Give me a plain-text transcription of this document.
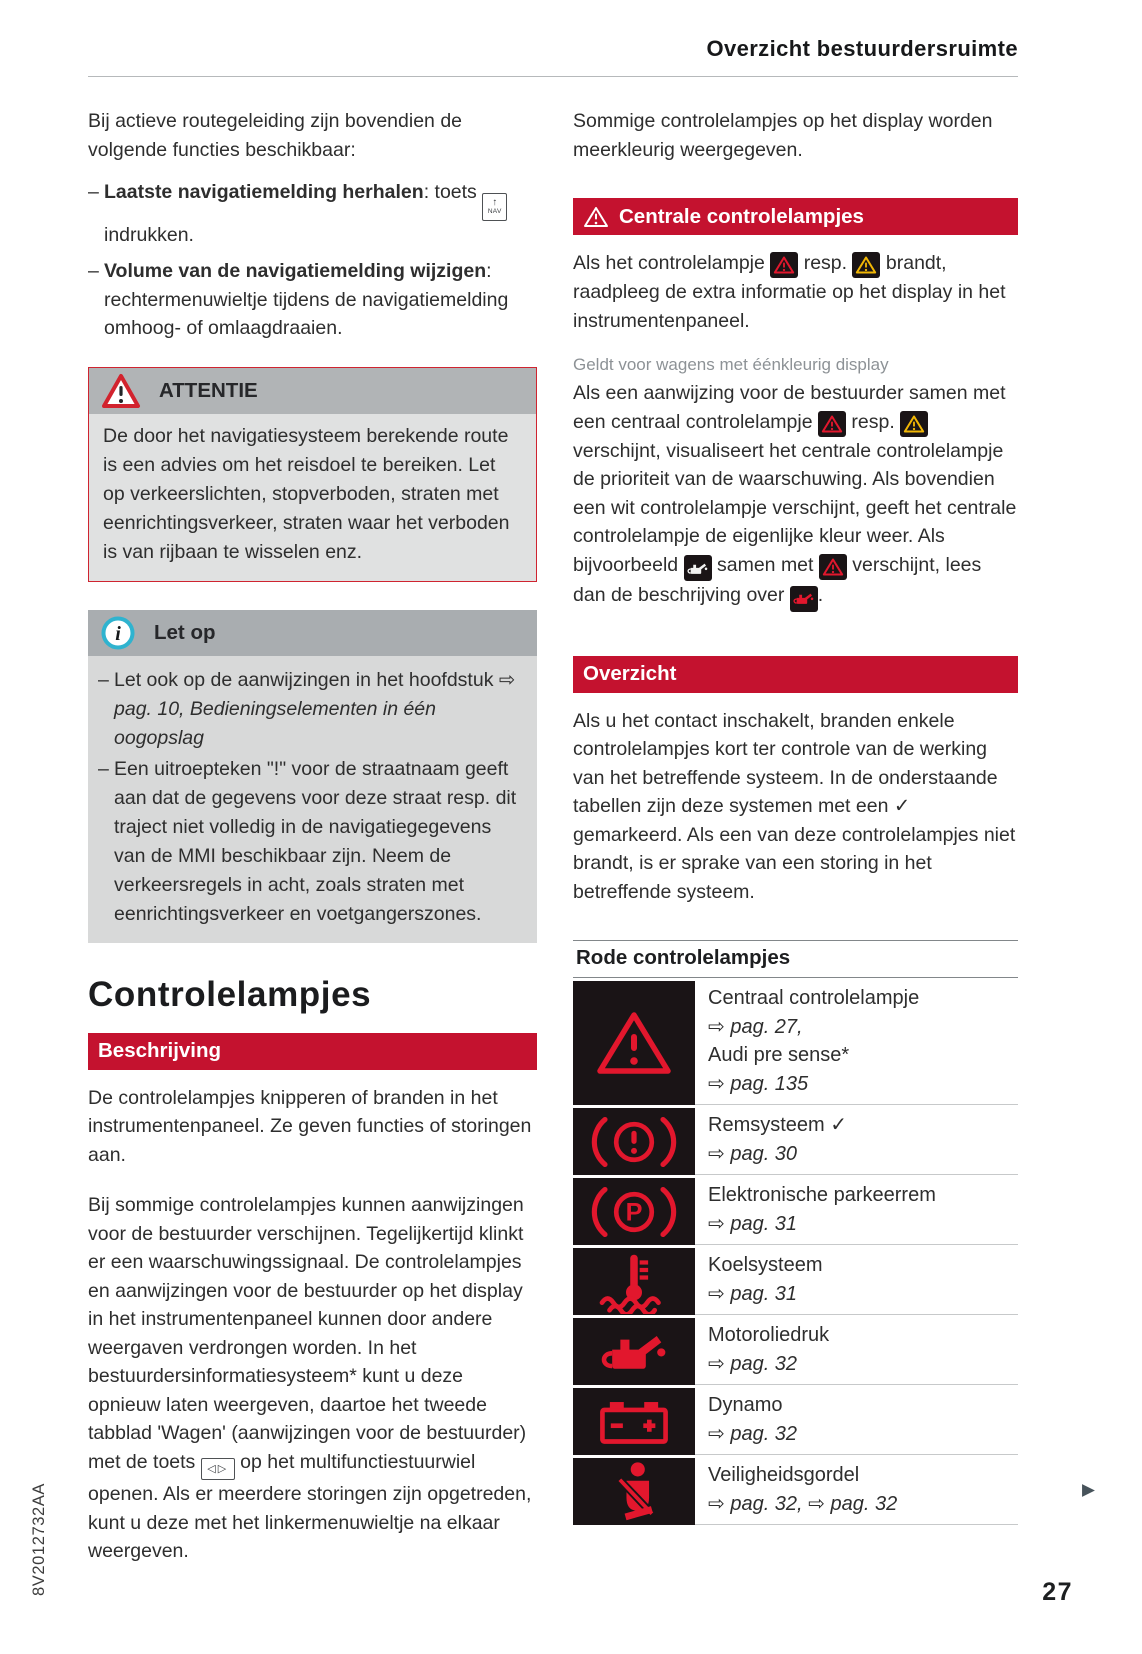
Overzicht bestuurdersruimte
Bij actieve routegeleiding zijn bovendien de volgende functies beschikbaar:
– Laatste navigatiemelding herhalen: toets ↑
NAV
indrukken.
– Volume van de navigatiemelding wijzigen: rechtermenuwieltje tijdens de navigatiemelding omhoog- of omlaagdraaien.
ATTENTIE
De door het navigatiesysteem berekende route is een advies om het reisdoel te bereiken. Let op verkeerslichten, stopverboden, straten met eenrichtingsverkeer, straten waar het verboden is van rijbaan te wisselen enz.
i Let op
– Let ook op de aanwijzingen in het hoofdstuk ⇨ pag. 10, Bedieningselementen in één oogopslag
– Een uitroepteken "!" voor de straatnaam geeft aan dat de gegevens voor deze straat resp. dit traject niet volledig in de navigatiegegevens van de MMI beschikbaar zijn. Neem de verkeersregels in acht, zoals straten met eenrichtingsverkeer en voetgangerszones.
Controlelampjes
Beschrijving
De controlelampjes knipperen of branden in het instrumentenpaneel. Ze geven functies of storingen aan.
Bij sommige controlelampjes kunnen aanwijzingen voor de bestuurder verschijnen. Tegelijkertijd klinkt er een waarschuwingssignaal. De controlelampjes en aanwijzingen voor de bestuurder op het display in het instrumentenpaneel kunnen door andere weergaven verdrongen worden. In het bestuurdersinformatiesysteem* kunt u deze opnieuw laten weergeven, daartoe het tweede tabblad 'Wagen' (aanwijzingen voor de bestuurder) met de toets ◁▷ op het multifunctiestuurwiel openen. Als er meerdere storingen zijn opgetreden, kunt u deze met het linkermenuwieltje na elkaar weergeven.
Sommige controlelampjes op het display worden meerkleurig weergegeven.
Centrale controlelampjes
Als het controlelampje
resp.
brandt, raadpleeg de extra informatie op het display in het instrumentenpaneel.
Geldt voor wagens met éénkleurig display
Als een aanwijzing voor de bestuurder samen met een centraal controlelampje
resp.
verschijnt, visualiseert het centrale controlelampje de prioriteit van de waarschuwing. Als bovendien een wit controlelampje verschijnt, geeft het centrale controlelampje de eigenlijke kleur weer. Als bijvoorbeeld
samen met
verschijnt, lees dan de beschrijving over
.
Overzicht
Als u het contact inschakelt, branden enkele controlelampjes kort ter controle van de werking van het betreffende systeem. In de onderstaande tabellen zijn deze systemen met een ✓ gemarkeerd. Als een van deze controlelampjes niet brandt, is er sprake van een storing in het betreffende systeem.
Rode controlelampjes
Centraal controlelampje
⇨ pag. 27,
Audi pre sense*
⇨ pag. 135
Remsysteem ✓
⇨ pag. 30
P
Elektronische parkeerrem
⇨ pag. 31
Koelsysteem
⇨ pag. 31
Motoroliedruk
⇨ pag. 32
Dynamo
⇨ pag. 32
Veiligheidsgordel
⇨ pag. 32, ⇨ pag. 32
27
8V2012732AA
